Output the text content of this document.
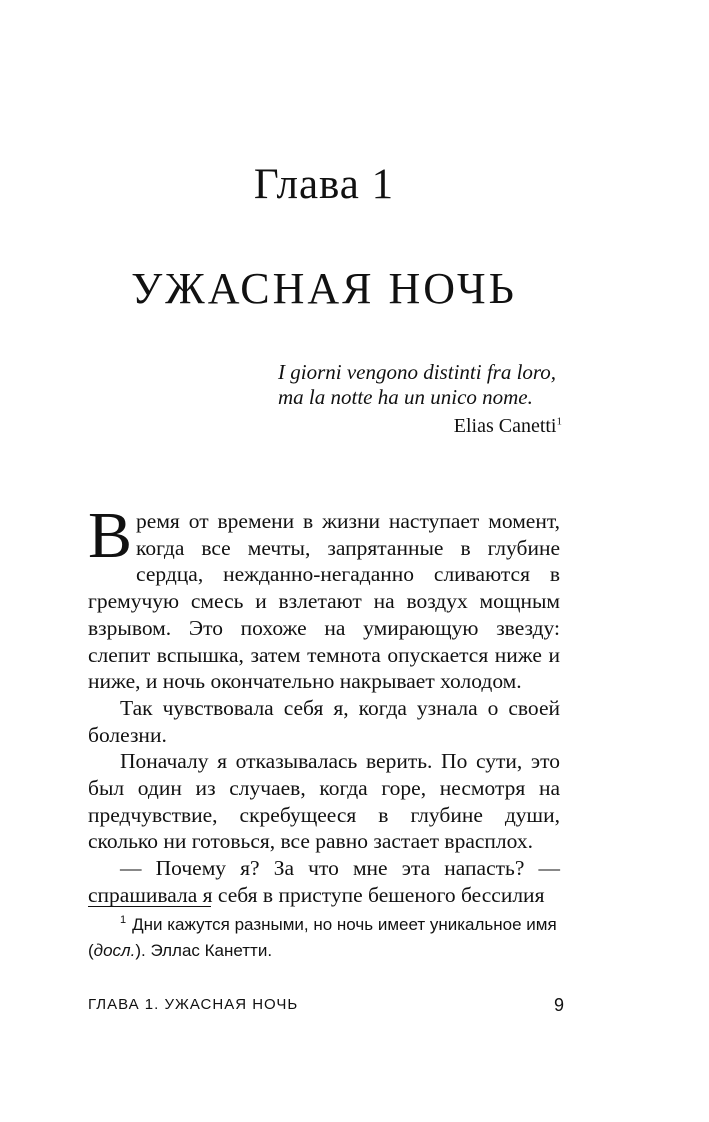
Глава 1
УЖАСНАЯ НОЧЬ
I giorni vengono distinti fra loro,
ma la notte ha un unico nome.
Elias Canetti$^1$

Время от времени в жизни наступает момент, когда все мечты, запрятанные в глубине сердца, нежданно-негаданно сливаются в гремучую смесь и взлетают на воздух мощным взрывом. Это похоже на умирающую звезду: слепит вспышка, затем темнота опускается ниже и ниже, и ночь окончательно накрывает холодом.

Так чувствовала себя я, когда узнала о своей болезни.

Поначалу я отказывалась верить. По сути, это был один из случаев, когда горе, несмотря на предчувствие, скребущееся в глубине души, сколько ни готовься, все равно застает врасплох.

— Почему я? За что мне эта напасть? — спрашивала я себя в приступе бешеного бессилия

$^1$ Дни кажутся разными, но ночь имеет уникальное имя (досл.). Эллас Канетти.

ГЛАВА 1. УЖАСНАЯ НОЧЬ	9
